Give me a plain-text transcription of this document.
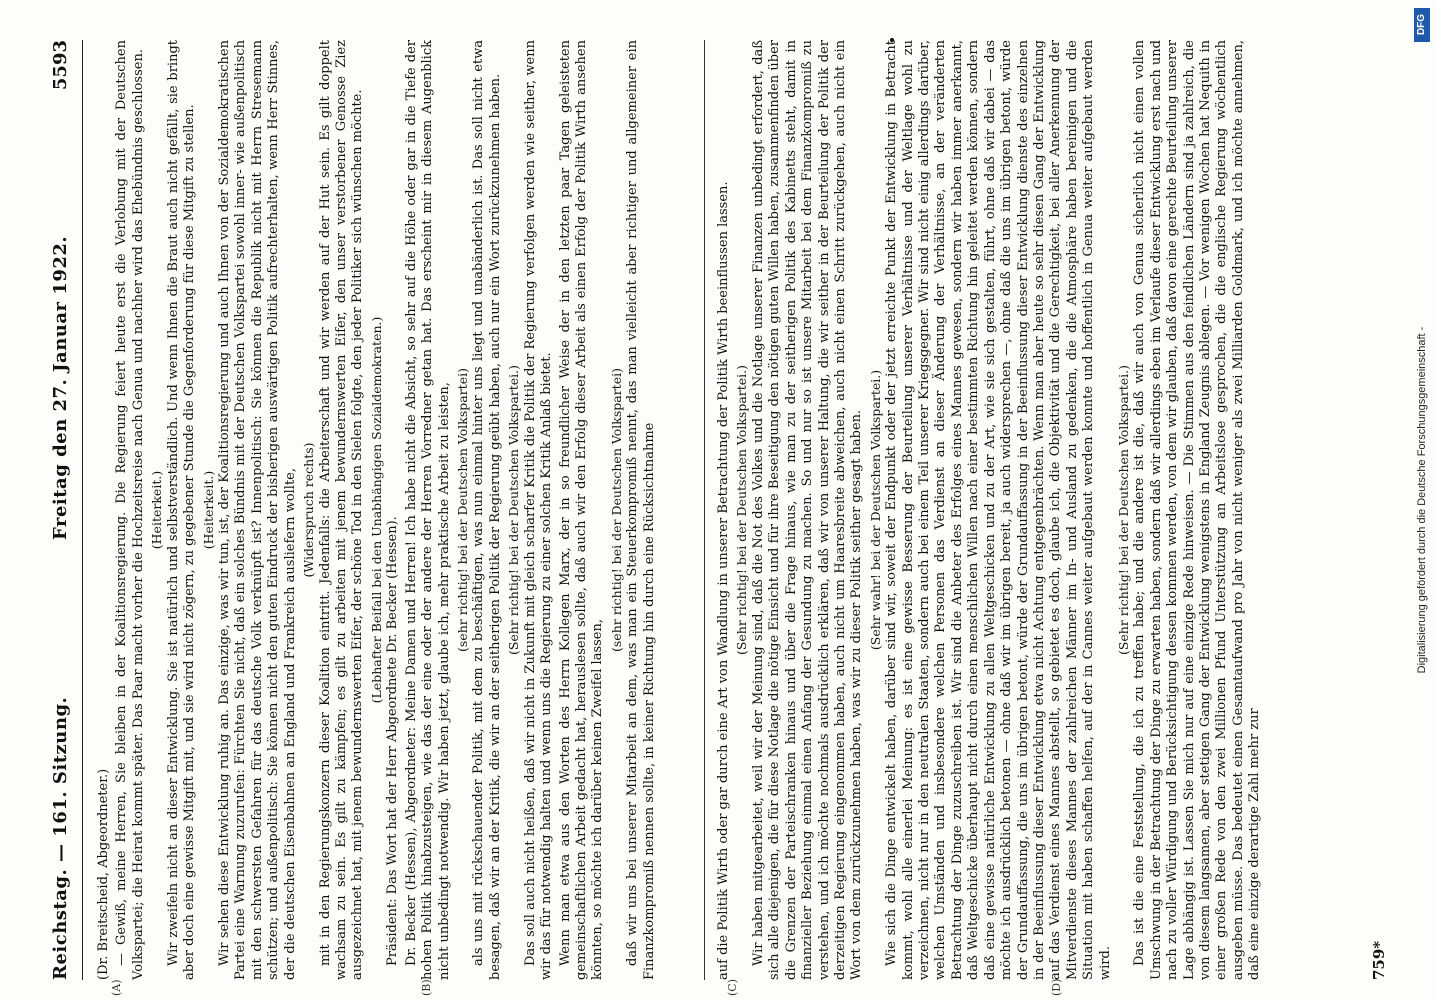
Reichstag. — 161. Sitzung.
Freitag den 27. Januar 1922.
5593
(A)	(B)	(C)	(D)

(Dr. Breitscheid, Abgeordneter.) — Gewiß, meine Herren, Sie bleiben in der Koalitionsregierung. Die Regierung feiert heute erst die Verlobung mit der Deutschen Volkspartei; die Heirat kommt später. Das Paar macht vorher die Hochzeitsreise nach Genua und nachher wird das Ehebündnis geschlossen. (Heiterkeit.) Wir zweifeln nicht an dieser Entwicklung. Sie ist natürlich und selbstverständlich. Und wenn Ihnen die Braut auch nicht gefällt, sie bringt aber doch eine gewisse Mitgift mit, und sie wird nicht zögern, zu gegebener Stunde die Gegenforderung für diese Mitgift zu stellen. (Heiterkeit.) Wir sehen diese Entwicklung ruhig an. Das einzige, was wir tun, ist, der Koalitionsregierung und auch Ihnen von der Sozialdemokratischen Partei eine Warnung zuzurufen: Fürchten Sie nicht, daß ein solches Bündnis mit der Deutschen Volkspartei sowohl inner- wie außenpolitisch mit den schwersten Gefahren für das deutsche Volk verknüpft ist? Innenpolitisch: Sie können die Republik nicht mit Herrn Stresemann schützen; und außenpolitisch: Sie können nicht den guten Eindruck der bisherigen auswärtigen Politik aufrechterhalten, wenn Herr Stinnes, der die deutschen Eisenbahnen an England und Frankreich ausliefern wollte, (Widerspruch rechts) mit in den Regierungskonzern dieser Koalition eintritt. Jedenfalls: die Arbeiterschaft und wir werden auf der Hut sein. Es gilt doppelt wachsam zu sein. Es gilt zu kämpfen; es gilt zu arbeiten mit jenem bewundernswerten Eifer, den unser verstorbener Genosse Ziez ausgezeichnet hat, mit jenem bewundernswerten Eifer, der schöne Tod in den Sielen folgte, den jeder Politiker sich wünschen möchte. (Lebhafter Beifall bei den Unabhängigen Sozialdemokraten.)

Präsident: Das Wort hat der Herr Abgeordnete Dr. Becker (Hessen). Dr. Becker (Hessen), Abgeordneter: Meine Damen und Herren! Ich habe nicht die Absicht, so sehr auf die Höhe oder gar in die Tiefe der hohen Politik hinabzusteigen, wie das der eine oder der andere der Herren Vorredner getan hat. Das erscheint mir in diesem Augenblick nicht unbedingt notwendig. Wir haben jetzt, glaube ich, mehr praktische Arbeit zu leisten, (sehr richtig! bei der Deutschen Volkspartei) als uns mit rückschauender Politik, mit dem zu beschäftigen, was nun einmal hinter uns liegt und unabänderlich ist. Das soll nicht etwa besagen, daß wir an der Kritik, die wir an der seitherigen Politik der Regierung geübt haben, auch nur ein Wort zurückzunehmen haben. (Sehr richtig! bei der Deutschen Volkspartei.) Das soll auch nicht heißen, daß wir nicht in Zukunft mit gleich scharfer Kritik die Politik der Regierung verfolgen werden wie seither, wenn wir das für notwendig halten und wenn uns die Regierung zu einer solchen Kritik Anlaß bietet. Wenn man etwa aus den Worten des Herrn Kollegen Marx, der in so freundlicher Weise der in den letzten paar Tagen geleisteten gemeinschaftlichen Arbeit gedacht hat, herauslesen sollte, daß auch wir den Erfolg dieser Arbeit als einen Erfolg der Politik Wirth ansehen könnten, so möchte ich darüber keinen Zweifel lassen,

(sehr richtig! bei der Deutschen Volkspartei) daß wir uns bei unserer Mitarbeit an dem, was man ein Steuerkompromiß nennt, das man vielleicht aber richtiger und allgemeiner ein Finanzkompromiß nennen sollte, in keiner Richtung hin durch eine Rücksichtnahme	auf die Politik Wirth oder gar durch eine Art von Wandlung in unserer Betrachtung der Politik Wirth beeinflussen lassen. (Sehr richtig! bei der Deutschen Volkspartei.) Wir haben mitgearbeitet, weil wir der Meinung sind, daß die Not des Volkes und die Notlage unserer Finanzen unbedingt erfordert, daß sich alle diejenigen, die für diese Notlage die nötige Einsicht und für ihre Beseitigung den nötigen guten Willen haben, zusammenfinden über die Grenzen der Parteischranken hinaus und über die Frage hinaus, wie man zu der seitherigen Politik des Kabinetts steht, damit in finanzieller Beziehung einmal einen Anfang der Gesundung zu machen. So und nur so ist unsere Mitarbeit bei dem Finanzkompromiß zu verstehen, und ich möchte nochmals ausdrücklich erklären, daß wir von unserer Haltung, die wir seither in der Beurteilung der Politik der derzeitigen Regierung eingenommen haben, auch nicht um Haaresbreite abweichen, auch nicht einen Schritt zurückgehen, auch nicht ein Wort von dem zurückzunehmen haben, was wir zu dieser Politik seither gesagt haben. (Sehr wahr! bei der Deutschen Volkspartei.) Wie sich die Dinge entwickelt haben, darüber sind wir, soweit der Endpunkt oder der jetzt erreichte Punkt der Entwicklung in Betracht kommt, wohl alle einerlei Meinung: es ist eine gewisse Besserung der Beurteilung unserer Verhältnisse und der Weltlage wohl zu verzeichnen, nicht nur in den neutralen Staaten, sondern auch bei einem Teil unserer Kriegsgegner. Wir sind nicht einig allerdings darüber, welchen Umständen und insbesondere welchen Personen das Verdienst an dieser Änderung der Verhältnisse, an der veränderten Betrachtung der Dinge zuzuschreiben ist. Wir sind die Anbeter des Erfolges eines Mannes gewesen, sondern wir haben immer anerkannt, daß Weltgeschicke überhaupt nicht durch einen menschlichen Willen nach einer bestimmten Richtung hin geleitet werden können, sondern daß eine gewisse natürliche Entwicklung zu allen Weltgeschicken und zu der Art, wie sie sich gestalten, führt, ohne daß wir dabei — das möchte ich ausdrücklich betonen — ohne daß wir im übrigen bereit, ja auch widersprechen —, ohne daß die uns im übrigen betont, würde der Grundauffassung, die uns im übrigen betont, würde der Grundauffassung in der Beeinflussung dieser Entwicklung dienste des einzelnen in der Beeinflussung dieser Entwicklung etwa nicht Achtung entgegenbrächten. Wenn man aber heute so sehr diesen Gang der Entwicklung auf das Verdienst eines Mannes abstellt, so gebietet es doch, glaube ich, die Objektivität und die Gerechtigkeit, bei aller Anerkennung der Mitverdienste dieses Mannes der zahlreichen Männer im In- und Ausland zu gedenken, die die Atmosphäre haben bereinigen und die Situation mit haben schaffen helfen, auf der in Cannes weiter aufgebaut werden konnte und hoffentlich in Genua weiter aufgebaut werden wird.

(Sehr richtig! bei der Deutschen Volkspartei.) Das ist die eine Feststellung, die ich zu treffen habe; und die andere ist die, daß wir auch von Genua sicherlich nicht einen vollen Umschwung in der Betrachtung der Dinge zu erwarten haben, sondern daß wir allerdings eben im Verlaufe dieser Entwicklung erst nach und nach zu voller Würdigung und Berücksichtigung dessen kommen werden, von dem wir glauben, daß davon eine gerechte Beurteilung unserer Lage abhängig ist. Lassen Sie mich nur auf eine einzige Rede hinweisen. — Die Stimmen aus den feindlichen Ländern sind ja zahlreich, die von diesem langsamen, aber stetigen Gang der Entwicklung wenigstens in England Zeugnis ablegen. — Vor wenigen Wochen hat Nequith in einer großen Rede von den zwei Millionen Pfund Unterstützung an Arbeitslose gesprochen, die die englische Regierung wöchentlich ausgeben müsse. Das bedeutet einen Gesamtaufwand pro Jahr von nicht weniger als zwei Milliarden Goldmark, und ich möchte annehmen, daß eine einzige derartige Zahl mehr zur	759*
Digitalisierung gefördert durch die Deutsche Forschungsgemeinschaft -
DFG
